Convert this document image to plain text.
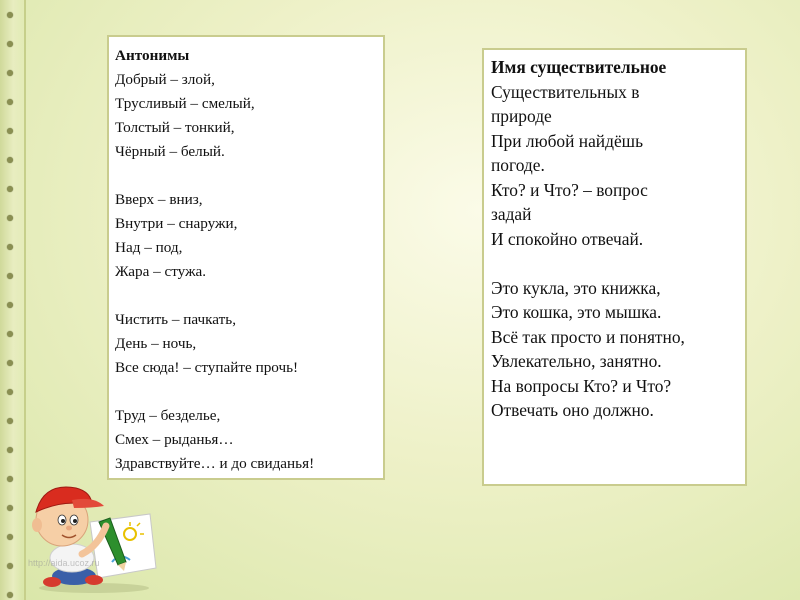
Антонимы
Добрый – злой,
Трусливый – смелый,
Толстый – тонкий,
Чёрный – белый.
Вверх – вниз,
Внутри – снаружи,
Над – под,
Жара – стужа.
Чистить – пачкать,
День – ночь,
Все сюда! – ступайте прочь!
Труд – безделье,
Смех – рыданья…
Здравствуйте… и до свиданья!
Имя существительное
Существительных в
природе
При любой найдёшь
погоде.
Кто? и Что? – вопрос
задай
И спокойно отвечай.
Это кукла, это книжка,
Это кошка, это мышка.
Всё так просто и понятно,
Увлекательно, занятно.
На вопросы Кто? и Что?
Отвечать оно должно.
http://aida.ucoz.ru
